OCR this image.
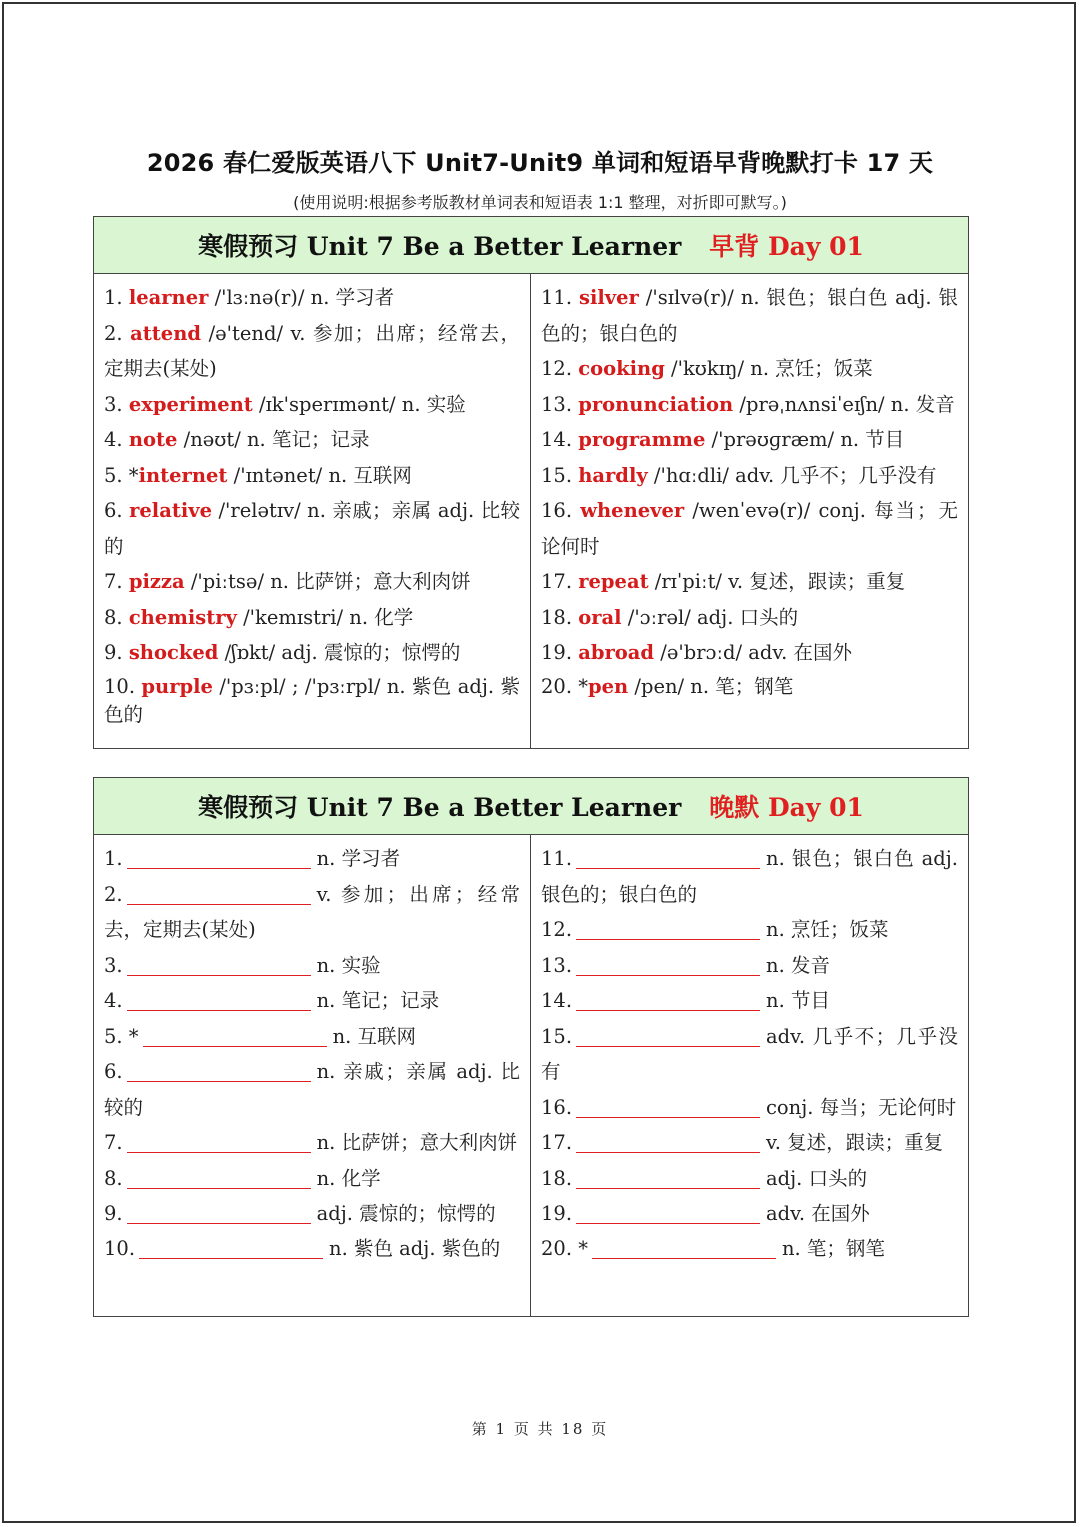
2026 春仁爱版英语八下 Unit7-Unit9 单词和短语早背晚默打卡 17 天
(使用说明:根据参考版教材单词表和短语表 1:1 整理，对折即可默写。)
寒假预习 Unit 7 Be a Better Learner 早背 Day 01
1. learner /'lɜːnə(r)/ n. 学习者
2. attend /ə'tend/ v. 参加；出席；经常去，定期去(某处)
3. experiment /ɪk'sperɪmənt/ n. 实验
4. note /nəʊt/ n. 笔记；记录
5. *internet /'ɪntənet/ n. 互联网
6. relative /'relətɪv/ n. 亲戚；亲属 adj. 比较的
7. pizza /'piːtsə/ n. 比萨饼；意大利肉饼
8. chemistry /'kemɪstri/ n. 化学
9. shocked /ʃɒkt/ adj. 震惊的；惊愕的
10. purple /'pɜːpl/ ; /'pɜːrpl/ n. 紫色 adj. 紫色的
11. silver /'sɪlvə(r)/ n. 银色；银白色 adj. 银色的；银白色的
12. cooking /'kʊkɪŋ/ n. 烹饪；饭菜
13. pronunciation /prəˌnʌnsiˈeɪʃn/ n. 发音
14. programme /'prəʊɡræm/ n. 节目
15. hardly /'hɑːdli/ adv. 几乎不；几乎没有
16. whenever /wenˈevə(r)/ conj. 每当；无论何时
17. repeat /rɪˈpiːt/ v. 复述，跟读；重复
18. oral /'ɔːrəl/ adj. 口头的
19. abroad /ə'brɔːd/ adv. 在国外
20. *pen /pen/ n. 笔；钢笔
寒假预习 Unit 7 Be a Better Learner 晚默 Day 01
1.	n. 学习者
2.	v. 参加；出席；经常去，定期去(某处)
3.	n. 实验
4.	n. 笔记；记录
5. *	n. 互联网
6.	n. 亲戚；亲属 adj. 比较的
7.	n. 比萨饼；意大利肉饼
8.	n. 化学
9.	adj. 震惊的；惊愕的
10.	n. 紫色 adj. 紫色的
11.	n. 银色；银白色 adj. 银色的；银白色的
12.	n. 烹饪；饭菜
13.	n. 发音
14.	n. 节目
15.	adv. 几乎不；几乎没有
16.	conj. 每当；无论何时
17.	v. 复述，跟读；重复
18.	adj. 口头的
19.	adv. 在国外
20. *	n. 笔；钢笔
第 1 页 共 18 页
